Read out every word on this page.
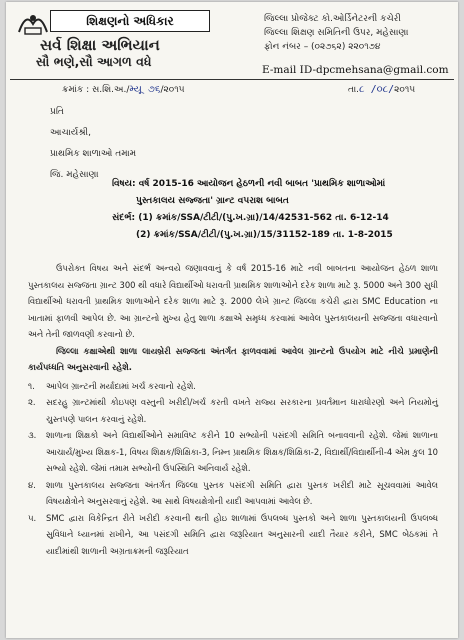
શિક્ષણનો અધિકાર
સર્વ શિક્ષા અભિયાન
સૌ ભણે,સૌ આગળ વધે
જિલ્લા પ્રોજેક્ટ કો.ઓર્ડિનેટરની કચેરી
જિલ્લા શિક્ષણ સમિતિની ઉપર, મહેસાણા
ફોન નંબર – (૦૨૭૬૨) ૨૨૦૧૭૪
E-mail ID-dpcmehsana@gmail.com
ક્રમાંક : સ.શિ.અ./મ્યૂ ૭૬/૨૦૧૫	તા.૮ /૦૮/૨૦૧૫
પ્રતિ
આચાર્યશ્રી,
પ્રાથમિક શાળાઓ તમામ
જિ. મહેસાણા
વિષય: વર્ષ 2015-16 આયોજન હેઠળની નવી બાબત 'પ્રાથમિક શાળાઓમાં
પુસ્તકાલય સજ્જતા' ગ્રાન્ટ વપરાશ બાબત
સંદર્ભ: (1) ક્રમાંક/SSA/ટીટી/(પુ.ખ.ગ્રા)/14/42531-562 તા. 6-12-14
(2) ક્રમાંક/SSA/ટીટી/(પુ.ખ.ગ્રા)/15/31152-189 તા. 1-8-2015

ઉપરોક્ત વિષય અને સંદર્ભ અન્વયે જણાવવાનું કે વર્ષ 2015-16 માટે નવી બાબતના આયોજન હેઠળ શાળા પુસ્તકાલય સજ્જતા ગ્રાન્ટ 300 થી વધારે વિદ્યાર્થીઓ ધરાવતી પ્રાથમિક શાળાઓને દરેક શાળા માટે રૂ. 5000 અને 300 સુધી વિદ્યાર્થીઓ ધરાવતી પ્રાથમિક શાળાઓને દરેક શાળા માટે રૂ. 2000 લેખે ગ્રાન્ટ જિલ્લા કચેરી દ્વારા SMC Education ના ખાતામાં ફાળવી આપેલ છે. આ ગ્રાન્ટનો મુખ્ય હેતુ શાળા કક્ષાએ સમૃધ્ધ કરવામાં આવેલ પુસ્તકાલયની સજ્જતા વધારવાનો અને તેની જાળવણી કરવાનો છે.

જિલ્લા કક્ષાએથી શાળા લાયબ્રેરી સજ્જતા અંતર્ગત ફાળવવામાં આવેલ ગ્રાન્ટનો ઉપયોગ માટે નીચે પ્રમાણેની કાર્યપધ્ધતિ અનુસરવાની રહેશે.

૧. આપેલ ગ્રાન્ટની મર્યાદામાં ખર્ચ કરવાનો રહેશે.
૨. સદરહુ ગ્રાન્ટમાંથી કોઇપણ વસ્તુની ખરીદી/ખર્ચ કરતી વખતે રાજ્ય સરકારના પ્રવર્તમાન ધારાધોરણો અને નિયમોનું ચુસ્તપણે પાલન કરવાનું રહેશે.
૩. શાળાના શિક્ષકો અને વિદ્યાર્થીઓને સમાવિષ્ટ કરીને 10 સભ્યોની પસંદગી સમિતિ બનાવવાની રહેશે. જેમાં શાળાના આચાર્ય/મુખ્ય શિક્ષક-1, વિષય શિક્ષક/શિક્ષિકા-3, નિમ્ન પ્રાથમિક શિક્ષક/શિક્ષિકા-2, વિદ્યાર્થી/વિદ્યાર્થીની-4 એમ કુલ 10 સભ્યો રહેશે. જેમાં તમામ સભ્યોની ઉપસ્થિતિ અનિવાર્ય રહેશે.
૪. શાળા પુસ્તકાલય સજ્જતા અંતર્ગત જિલ્લા પુસ્તક પસંદગી સમિતિ દ્વારા પુસ્તક ખરીદી માટે સૂચવવામાં આવેલ વિષયક્ષેત્રોને અનુસરવાનું રહેશે. આ સાથે વિષયક્ષેત્રોની યાદી આપવામાં આવેલ છે.
૫. SMC દ્વારા વિકેન્દ્રિત રીતે ખરીદી કરવાની થતી હોઇ શાળામાં ઉપલબ્ધ પુસ્તકો અને શાળા પુસ્તકાલયની ઉપલબ્ધ સુવિધાને ધ્યાનમાં રાખીને, આ પસંદગી સમિતિ દ્વારા જરૂરિયાત અનુસારની યાદી તૈયાર કરીને, SMC બેઠકમાં તે યાદીમાંથી શાળાની અગ્રતાક્રમની જરૂરિયાત
